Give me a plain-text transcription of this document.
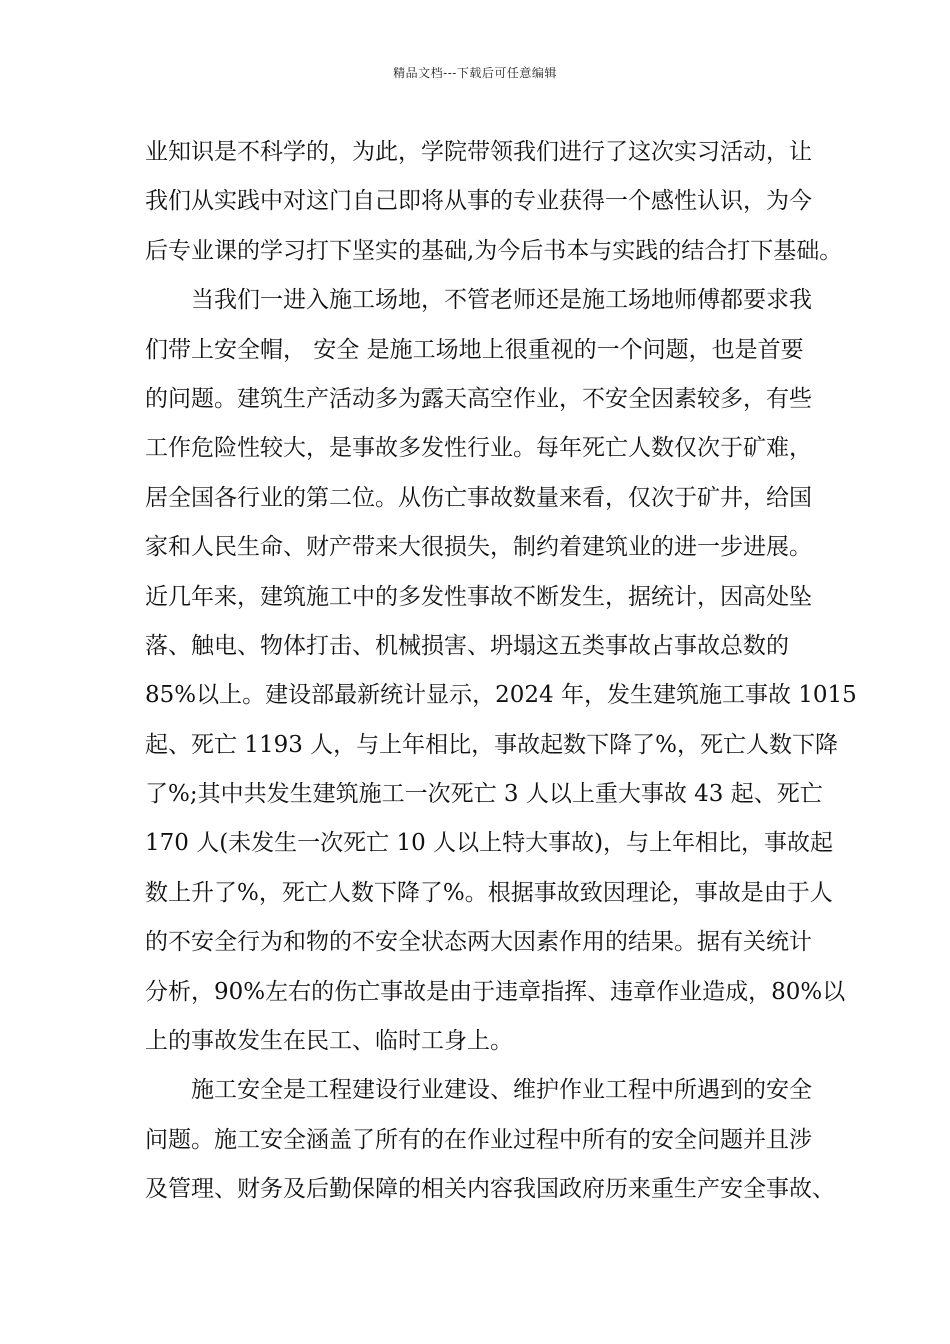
精品文档---下载后可任意编辑
业知识是不科学的，为此，学院带领我们进行了这次实习活动，让
我们从实践中对这门自己即将从事的专业获得一个感性认识，为今
后专业课的学习打下坚实的基础,为今后书本与实践的结合打下基础。
当我们一进入施工场地，不管老师还是施工场地师傅都要求我
们带上安全帽， 安全 是施工场地上很重视的一个问题，也是首要
的问题。建筑生产活动多为露天高空作业，不安全因素较多，有些
工作危险性较大，是事故多发性行业。每年死亡人数仅次于矿难，
居全国各行业的第二位。从伤亡事故数量来看，仅次于矿井，给国
家和人民生命、财产带来大很损失，制约着建筑业的进一步进展。
近几年来，建筑施工中的多发性事故不断发生，据统计，因高处坠
落、触电、物体打击、机械损害、坍塌这五类事故占事故总数的
85%以上。建设部最新统计显示，2024 年，发生建筑施工事故 1015
起、死亡 1193 人，与上年相比，事故起数下降了%，死亡人数下降
了%;其中共发生建筑施工一次死亡 3 人以上重大事故 43 起、死亡
170 人(未发生一次死亡 10 人以上特大事故)，与上年相比，事故起
数上升了%，死亡人数下降了%。根据事故致因理论，事故是由于人
的不安全行为和物的不安全状态两大因素作用的结果。据有关统计
分析，90%左右的伤亡事故是由于违章指挥、违章作业造成，80%以
上的事故发生在民工、临时工身上。
施工安全是工程建设行业建设、维护作业工程中所遇到的安全
问题。施工安全涵盖了所有的在作业过程中所有的安全问题并且涉
及管理、财务及后勤保障的相关内容我国政府历来重生产安全事故、
